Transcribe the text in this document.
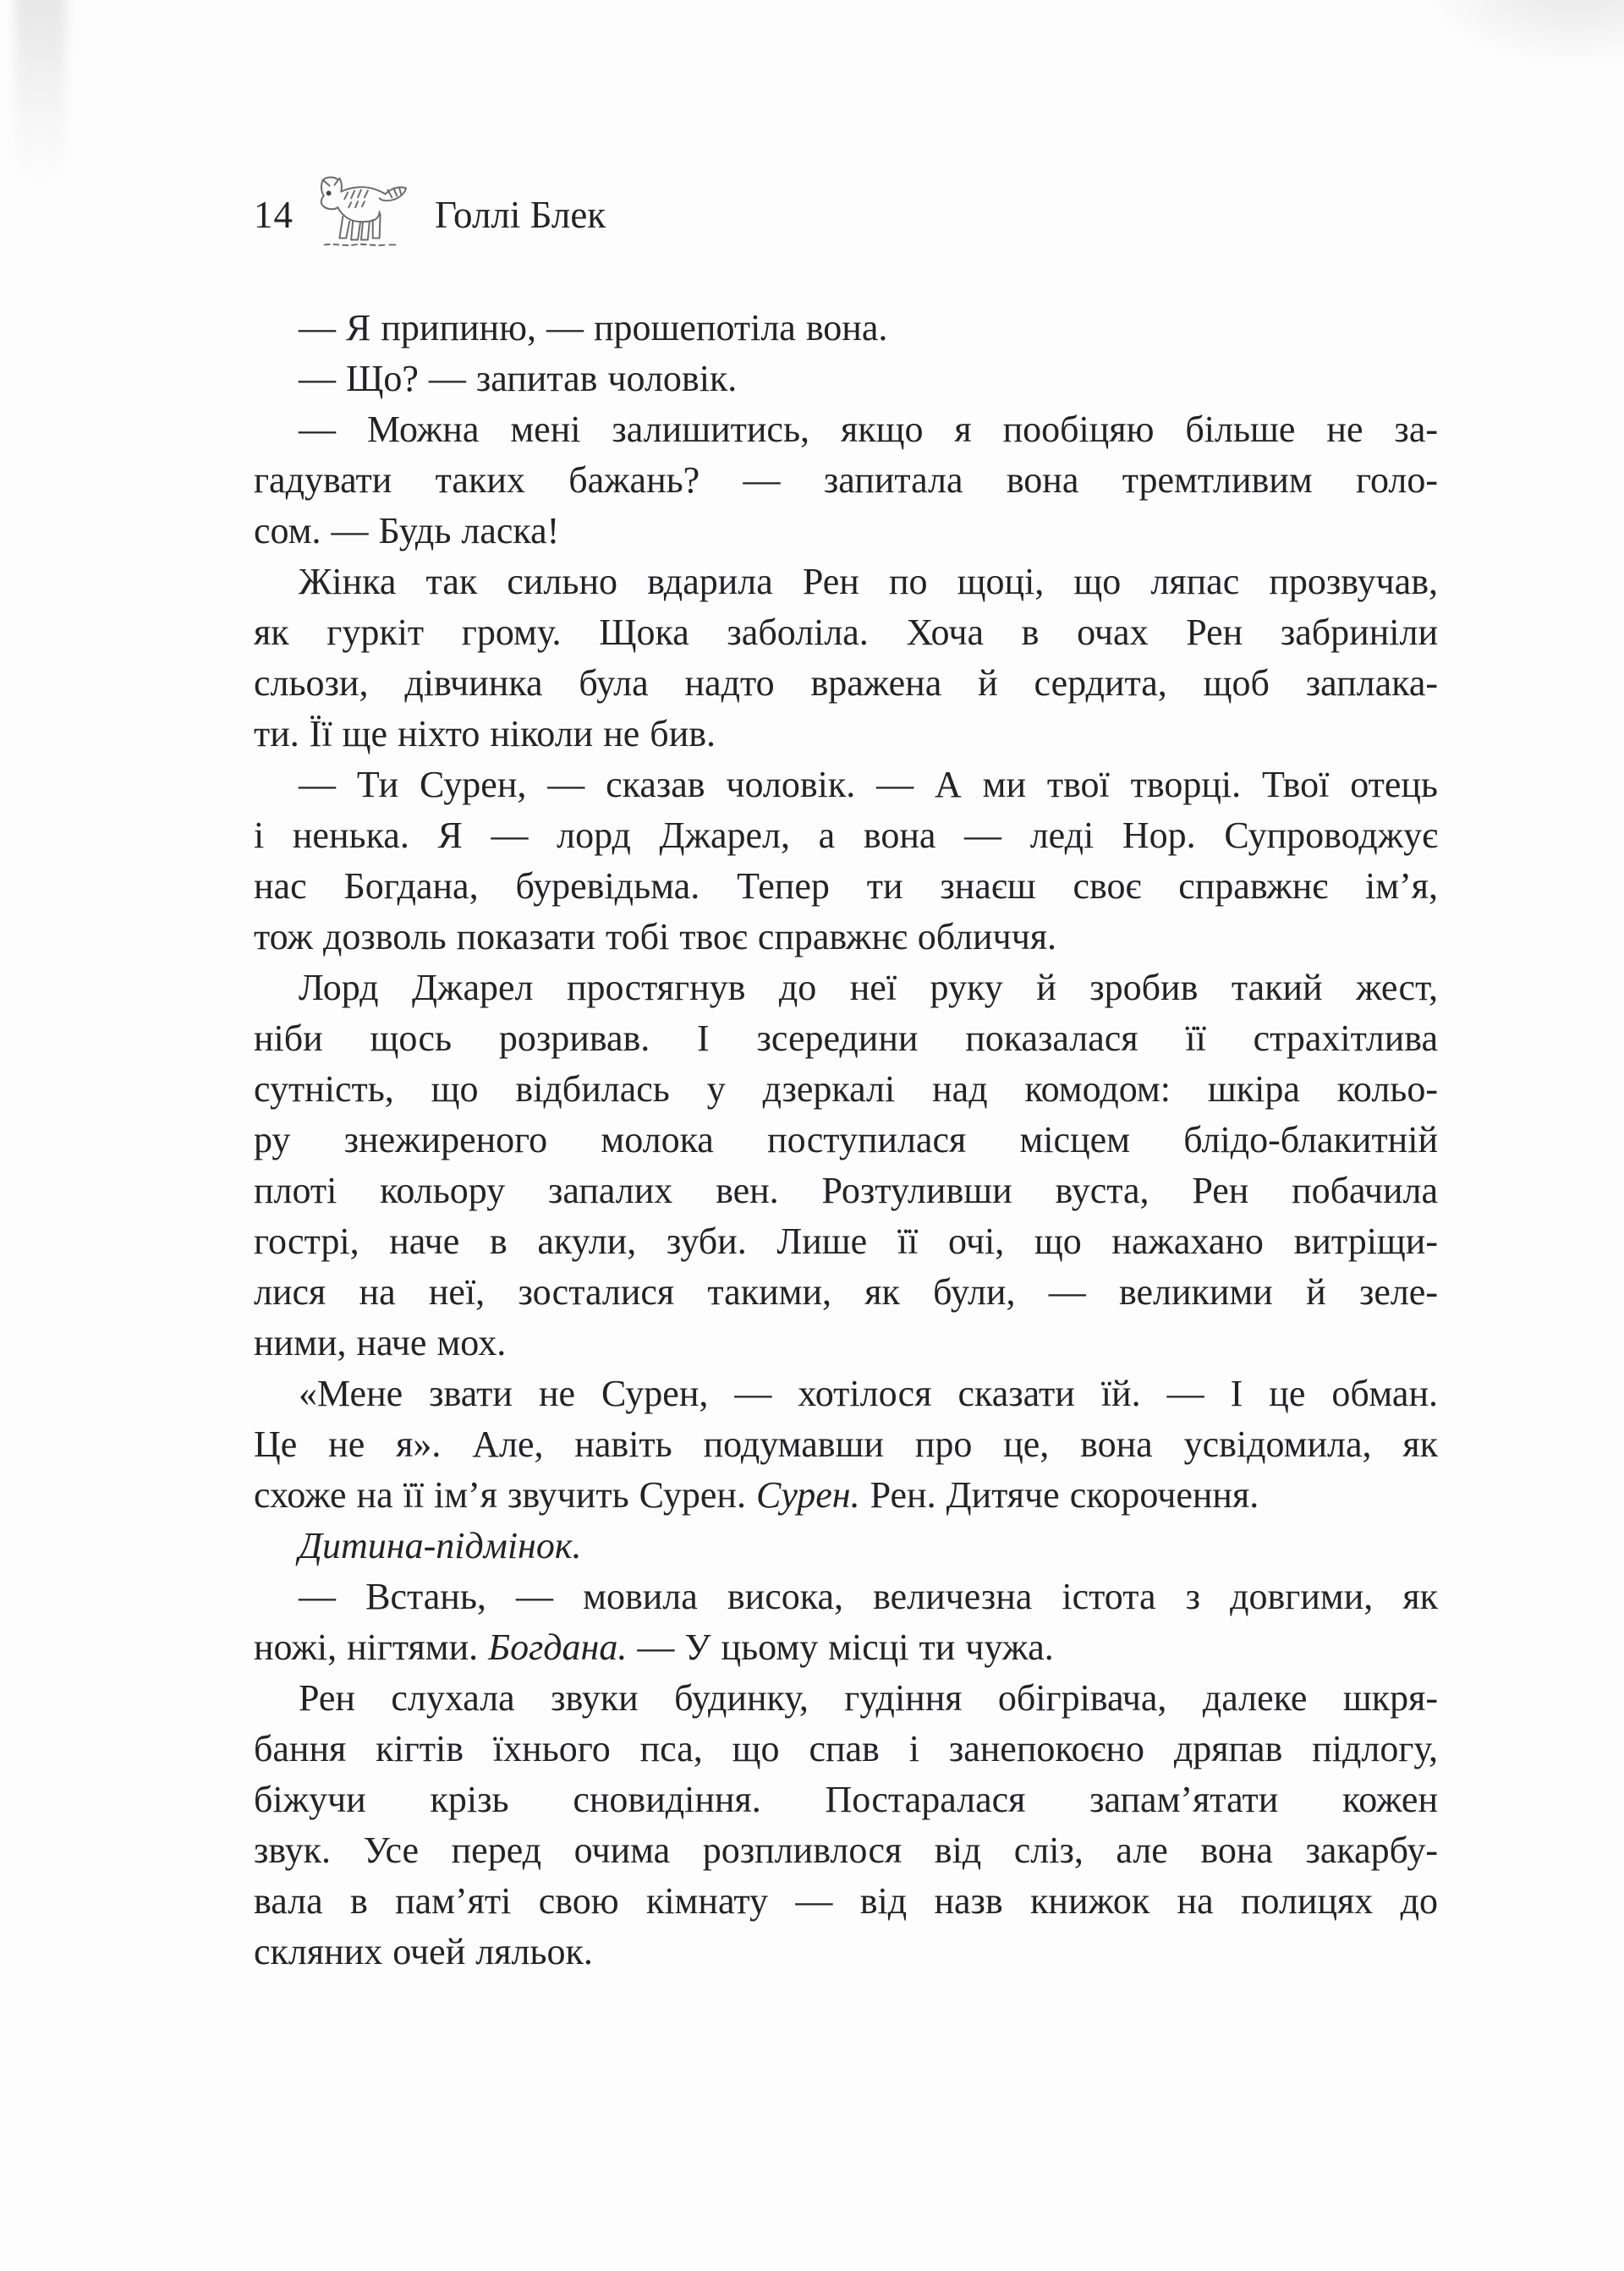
14	Голлі Блек
— Я припиню, — прошепотіла вона.
— Що? — запитав чоловік.
— Можна мені залишитись, якщо я пообіцяю більше не за-
гадувати таких бажань? — запитала вона тремтливим голо-
сом. — Будь ласка!
Жінка так сильно вдарила Рен по щоці, що ляпас прозвучав,
як гуркіт грому. Щока заболіла. Хоча в очах Рен забриніли
сльози, дівчинка була надто вражена й сердита, щоб заплака-
ти. Її ще ніхто ніколи не бив.
— Ти Сурен, — сказав чоловік. — А ми твої творці. Твої отець
і ненька. Я — лорд Джарел, а вона — леді Нор. Супроводжує
нас Богдана, буревідьма. Тепер ти знаєш своє справжнє ім’я,
тож дозволь показати тобі твоє справжнє обличчя.
Лорд Джарел простягнув до неї руку й зробив такий жест,
ніби щось розривав. І зсередини показалася її страхітлива
сутність, що відбилась у дзеркалі над комодом: шкіра кольо-
ру знежиреного молока поступилася місцем блідо-блакитній
плоті кольору запалих вен. Розтуливши вуста, Рен побачила
гострі, наче в акули, зуби. Лише її очі, що нажахано витріщи-
лися на неї, зосталися такими, як були, — великими й зеле-
ними, наче мох.
«Мене звати не Сурен, — хотілося сказати їй. — І це обман.
Це не я». Але, навіть подумавши про це, вона усвідомила, як
схоже на її ім’я звучить Сурен. Сурен. Рен. Дитяче скорочення.
Дитина-підмінок.
— Встань, — мовила висока, величезна істота з довгими, як
ножі, нігтями. Богдана. — У цьому місці ти чужа.
Рен слухала звуки будинку, гудіння обігрівача, далеке шкря-
бання кігтів їхнього пса, що спав і занепокоєно дряпав підлогу,
біжучи крізь сновидіння. Постаралася запам’ятати кожен
звук. Усе перед очима розпливлося від сліз, але вона закарбу-
вала в пам’яті свою кімнату — від назв книжок на полицях до
скляних очей ляльок.
